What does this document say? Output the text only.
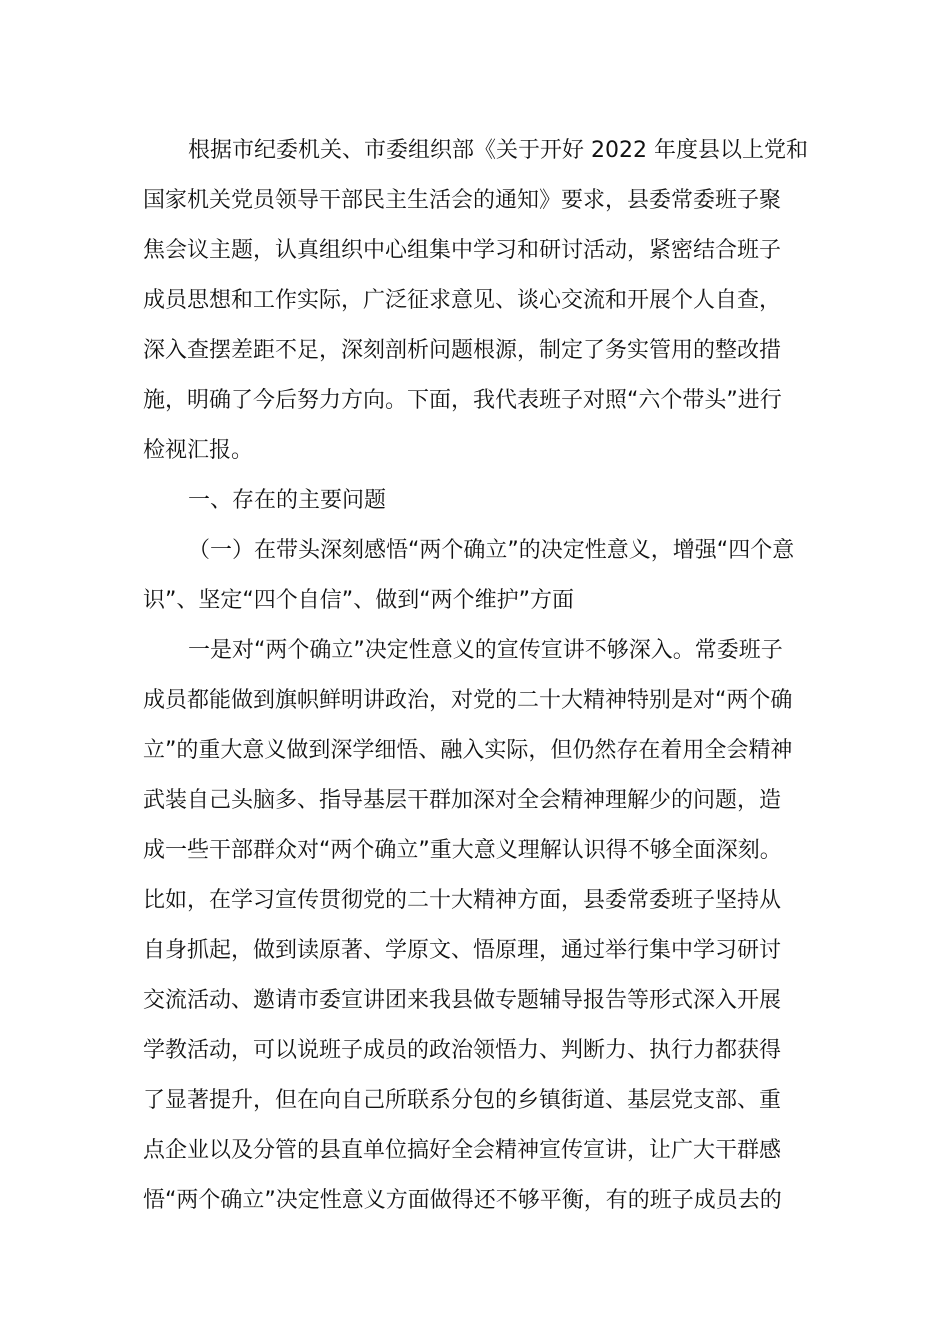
根据市纪委机关、市委组织部《关于开好 2022 年度县以上党和
国家机关党员领导干部民主生活会的通知》要求，县委常委班子聚
焦会议主题，认真组织中心组集中学习和研讨活动，紧密结合班子
成员思想和工作实际，广泛征求意见、谈心交流和开展个人自查，
深入查摆差距不足，深刻剖析问题根源，制定了务实管用的整改措
施，明确了今后努力方向。下面，我代表班子对照“六个带头”进行
检视汇报。
一、存在的主要问题
（一）在带头深刻感悟“两个确立”的决定性意义，增强“四个意
识”、坚定“四个自信”、做到“两个维护”方面
一是对“两个确立”决定性意义的宣传宣讲不够深入。常委班子
成员都能做到旗帜鲜明讲政治，对党的二十大精神特别是对“两个确
立”的重大意义做到深学细悟、融入实际，但仍然存在着用全会精神
武装自己头脑多、指导基层干群加深对全会精神理解少的问题，造
成一些干部群众对“两个确立”重大意义理解认识得不够全面深刻。
比如，在学习宣传贯彻党的二十大精神方面，县委常委班子坚持从
自身抓起，做到读原著、学原文、悟原理，通过举行集中学习研讨
交流活动、邀请市委宣讲团来我县做专题辅导报告等形式深入开展
学教活动，可以说班子成员的政治领悟力、判断力、执行力都获得
了显著提升，但在向自己所联系分包的乡镇街道、基层党支部、重
点企业以及分管的县直单位搞好全会精神宣传宣讲，让广大干群感
悟“两个确立”决定性意义方面做得还不够平衡，有的班子成员去的
